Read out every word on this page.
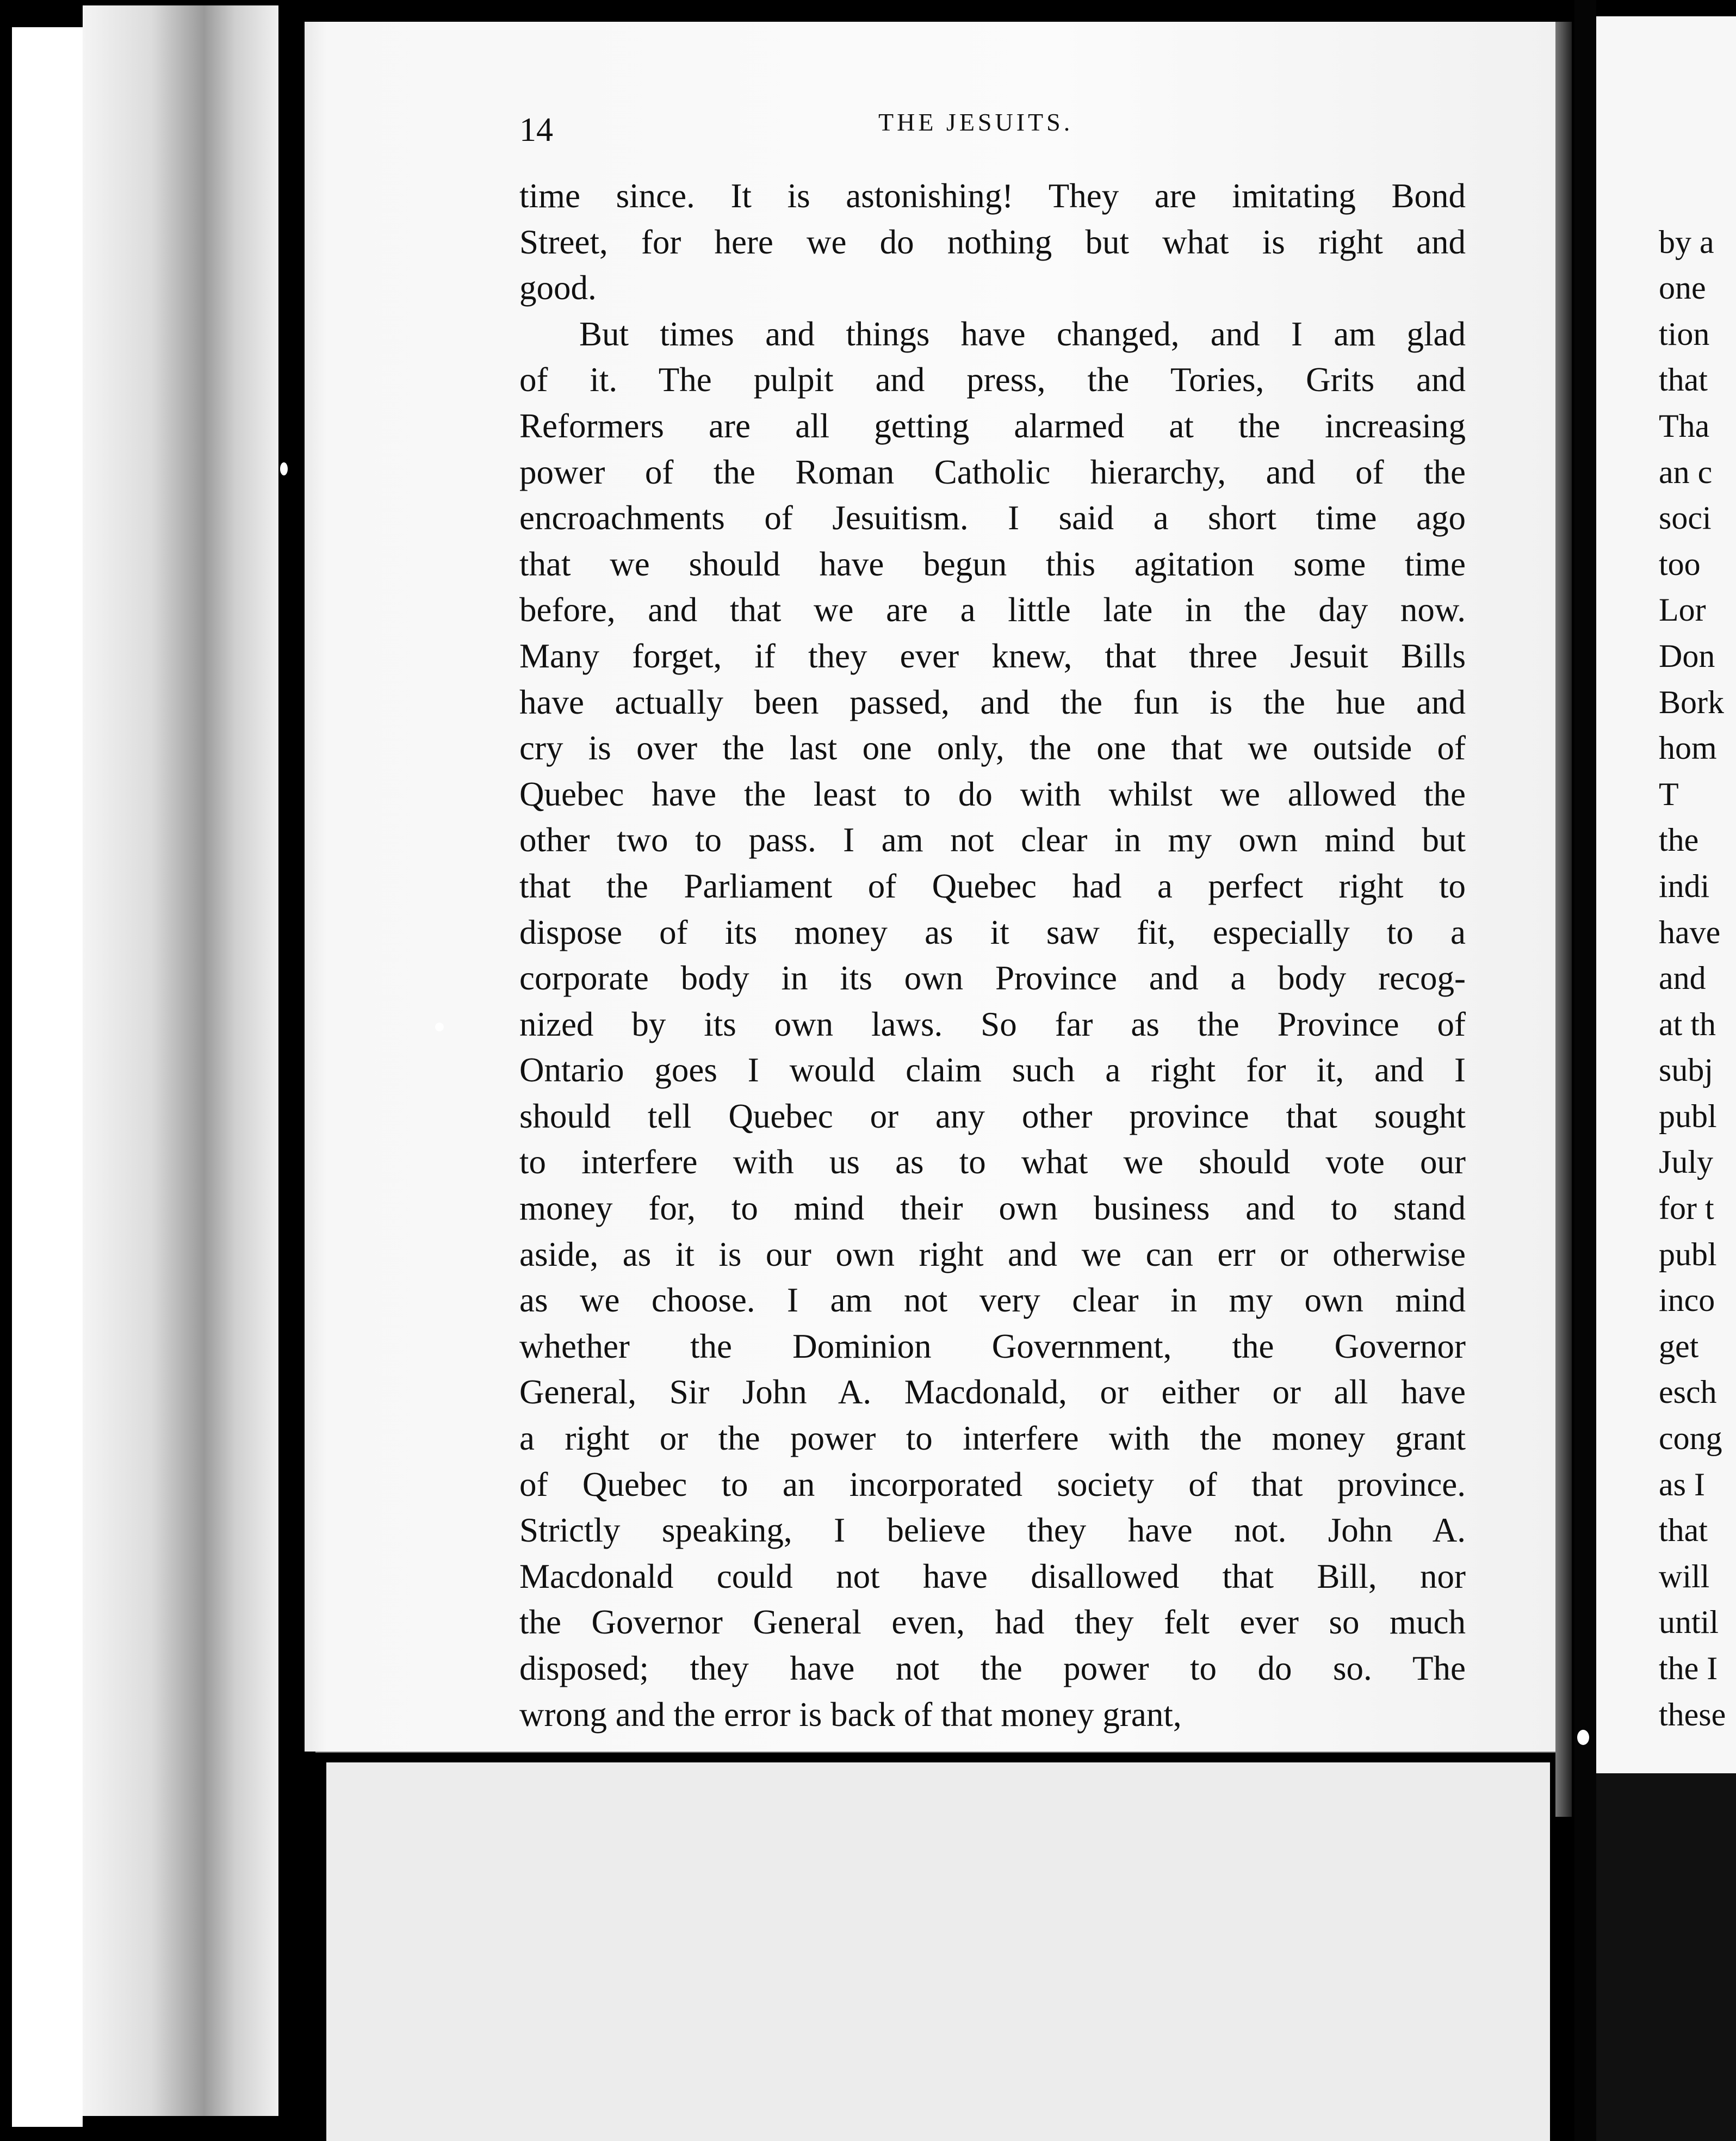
14	THE JESUITS.
time since. It is astonishing! They are imitating Bond
Street, for here we do nothing but what is right and
good.
But times and things have changed, and I am glad
of it. The pulpit and press, the Tories, Grits and
Reformers are all getting alarmed at the increasing
power of the Roman Catholic hierarchy, and of the
encroachments of Jesuitism. I said a short time ago
that we should have begun this agitation some time
before, and that we are a little late in the day now.
Many forget, if they ever knew, that three Jesuit Bills
have actually been passed, and the fun is the hue and
cry is over the last one only, the one that we outside of
Quebec have the least to do with whilst we allowed the
other two to pass. I am not clear in my own mind but
that the Parliament of Quebec had a perfect right to
dispose of its money as it saw fit, especially to a
corporate body in its own Province and a body recog-
nized by its own laws. So far as the Province of
Ontario goes I would claim such a right for it, and I
should tell Quebec or any other province that sought
to interfere with us as to what we should vote our
money for, to mind their own business and to stand
aside, as it is our own right and we can err or otherwise
as we choose. I am not very clear in my own mind
whether the Dominion Government, the Governor
General, Sir John A. Macdonald, or either or all have
a right or the power to interfere with the money grant
of Quebec to an incorporated society of that province.
Strictly speaking, I believe they have not. John A.
Macdonald could not have disallowed that Bill, nor
the Governor General even, had they felt ever so much
disposed; they have not the power to do so. The
wrong and the error is back of that money grant,
by a
one
tion
that
Tha
an c
soci
too
Lor
Don
Bork
hom
T
the
indi
have
and
at th
subj
publ
July
for t
publ
inco
get
esch
cong
as I
that
will
until
the I
these
